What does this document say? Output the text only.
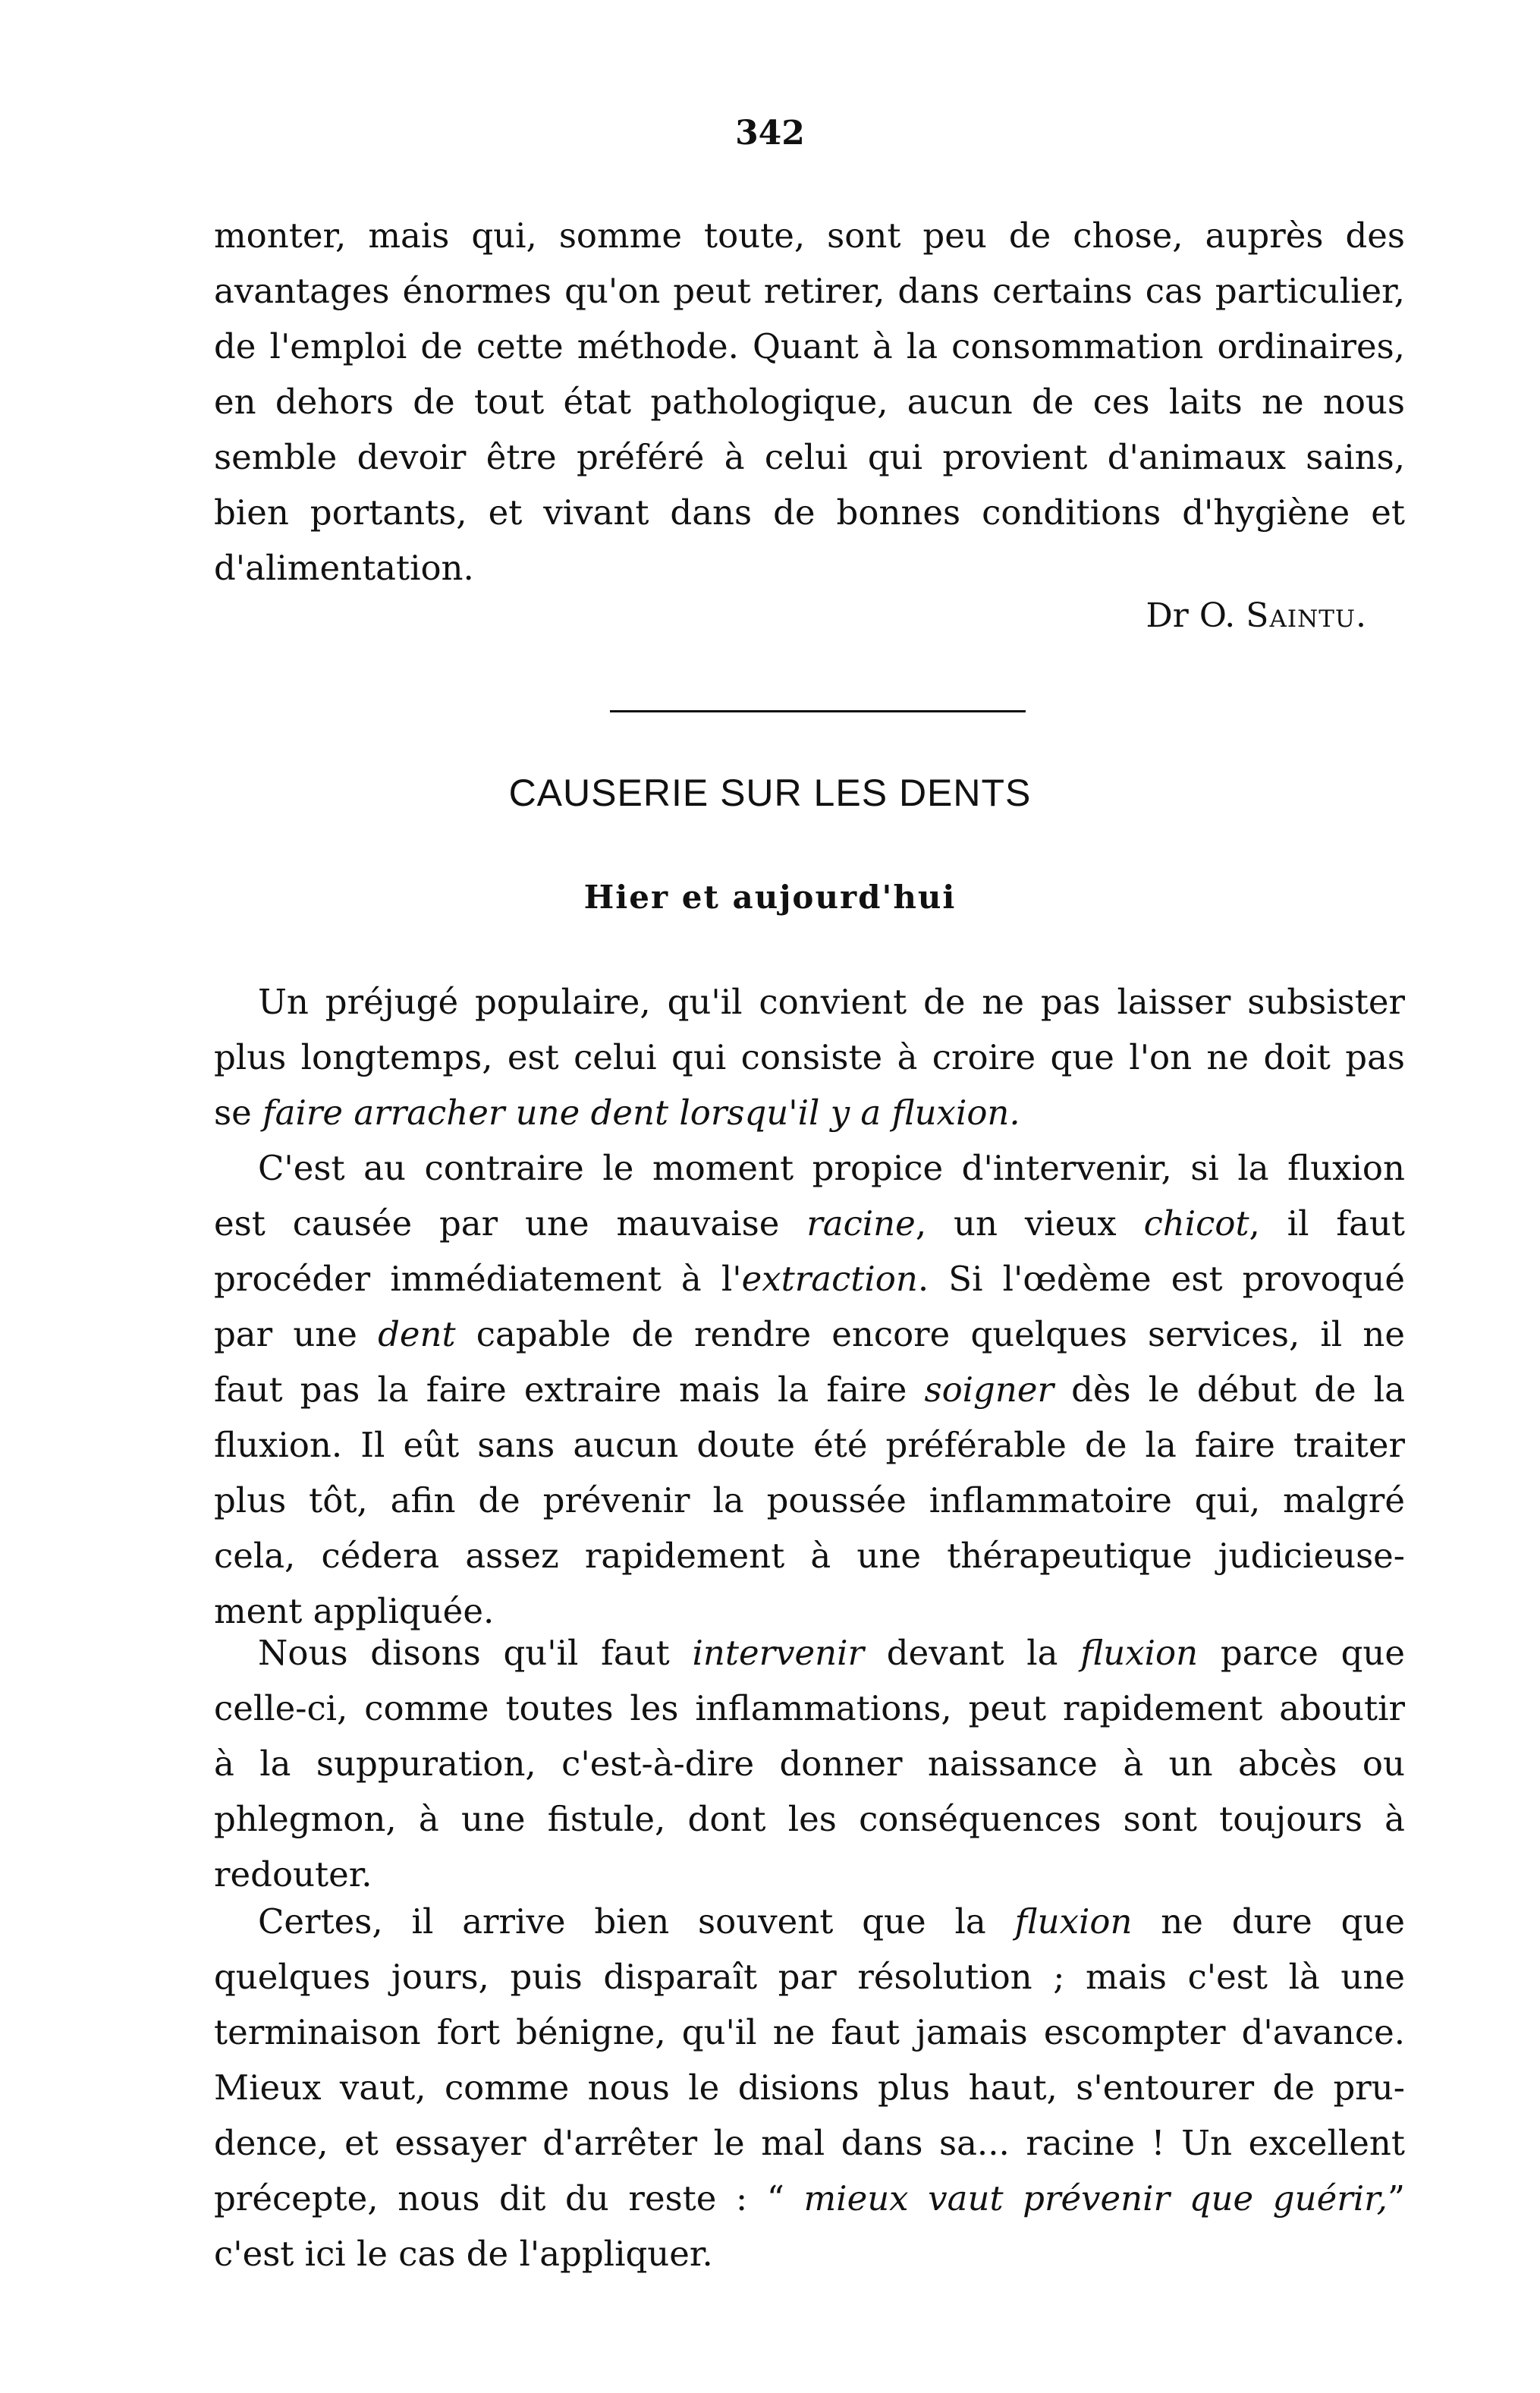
342
monter, mais qui, somme toute, sont peu de chose, auprès des
avantages énormes qu'on peut retirer, dans certains cas particulier,
de l'emploi de cette méthode. Quant à la consommation ordinaires,
en dehors de tout état pathologique, aucun de ces laits ne nous
semble devoir être préféré à celui qui provient d'animaux sains,
bien portants, et vivant dans de bonnes conditions d'hygiène et
d'alimentation.
Dr O. Saintu.
CAUSERIE SUR LES DENTS
Hier et aujourd'hui
Un préjugé populaire, qu'il convient de ne pas laisser subsister
plus longtemps, est celui qui consiste à croire que l'on ne doit pas
se faire arracher une dent lorsqu'il y a fluxion.
C'est au contraire le moment propice d'intervenir, si la fluxion
est causée par une mauvaise racine, un vieux chicot, il faut
procéder immédiatement à l'extraction. Si l'œdème est provoqué
par une dent capable de rendre encore quelques services, il ne
faut pas la faire extraire mais la faire soigner dès le début de la
fluxion. Il eût sans aucun doute été préférable de la faire traiter
plus tôt, afin de prévenir la poussée inflammatoire qui, malgré
cela, cédera assez rapidement à une thérapeutique judicieuse-
ment appliquée.
Nous disons qu'il faut intervenir devant la fluxion parce que
celle-ci, comme toutes les inflammations, peut rapidement aboutir
à la suppuration, c'est-à-dire donner naissance à un abcès ou
phlegmon, à une fistule, dont les conséquences sont toujours à
redouter.
Certes, il arrive bien souvent que la fluxion ne dure que
quelques jours, puis disparaît par résolution ; mais c'est là une
terminaison fort bénigne, qu'il ne faut jamais escompter d'avance.
Mieux vaut, comme nous le disions plus haut, s'entourer de pru-
dence, et essayer d'arrêter le mal dans sa... racine ! Un excellent
précepte, nous dit du reste : “ mieux vaut prévenir que guérir,”
c'est ici le cas de l'appliquer.
